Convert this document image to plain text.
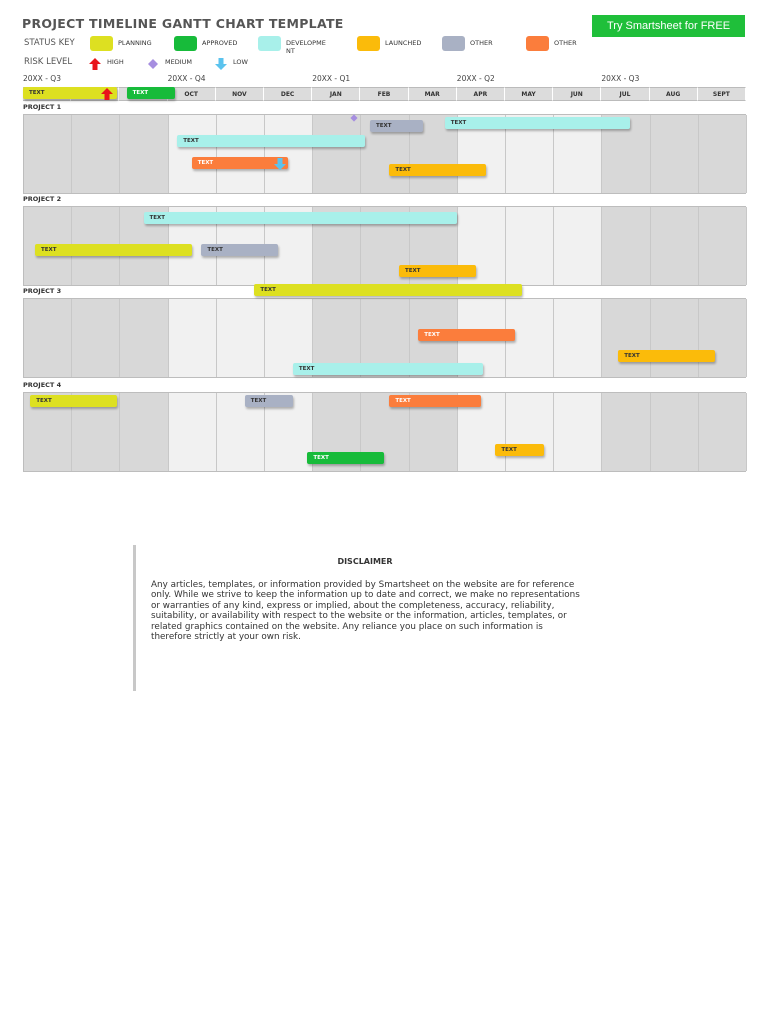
PROJECT TIMELINE GANTT CHART TEMPLATE	Try Smartsheet for FREE
STATUS KEY
RISK LEVEL
PLANNING	APPROVED	DEVELOPMENT
LAUNCHED	OTHER	OTHER
HIGH	MEDIUM	LOW
20XX - Q3	20XX - Q4	20XX - Q1	20XX - Q2	20XX - Q3
OCT	NOV	DEC	JAN	FEB	MAR	APR	MAY	JUN	JUL	AUG	SEPT
TEXT	TEXT
PROJECT 1
TEXT	TEXT
TEXT
TEXT
TEXT
PROJECT 2
TEXT
TEXT	TEXT
TEXT
PROJECT 3	TEXT
TEXT
TEXT
TEXT
PROJECT 4
TEXT	TEXT	TEXT
TEXT
TEXT
DISCLAIMER
Any articles, templates, or information provided by Smartsheet on the website are for reference only. While we strive to keep the information up to date and correct, we make no representations or warranties of any kind, express or implied, about the completeness, accuracy, reliability, suitability, or availability with respect to the website or the information, articles, templates, or related graphics contained on the website. Any reliance you place on such information is therefore strictly at your own risk.
